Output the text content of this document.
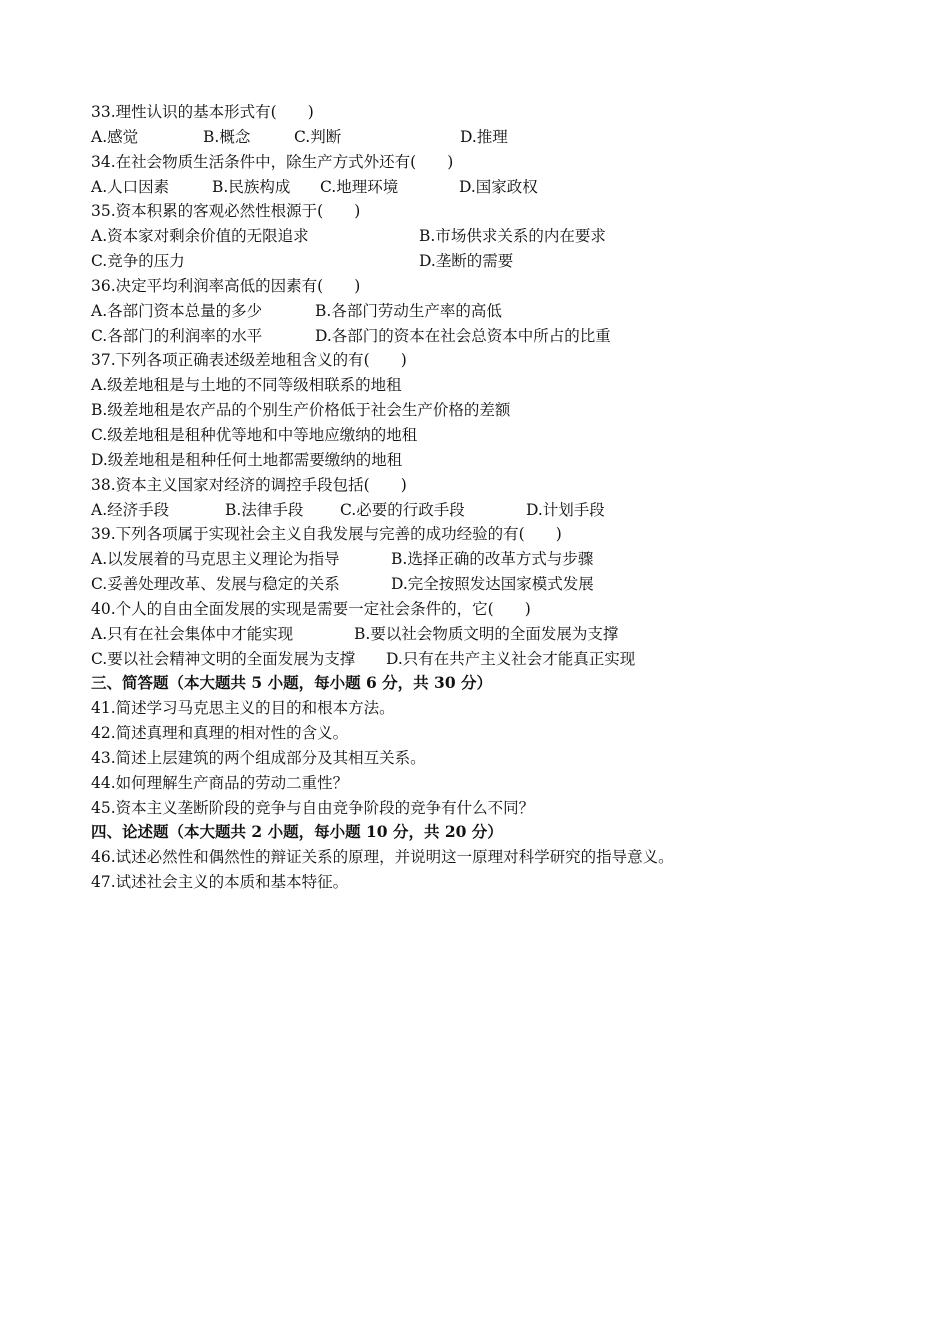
33.理性认识的基本形式有(　　)
A.感觉	B.概念	C.判断	D.推理
34.在社会物质生活条件中，除生产方式外还有(　　)
A.人口因素	B.民族构成 C.地理环境	D.国家政权
35.资本积累的客观必然性根源于(　　)
A.资本家对剩余价值的无限追求	B.市场供求关系的内在要求
C.竞争的压力	D.垄断的需要
36.决定平均利润率高低的因素有(　　)
A.各部门资本总量的多少	B.各部门劳动生产率的高低
C.各部门的利润率的水平	D.各部门的资本在社会总资本中所占的比重
37.下列各项正确表述级差地租含义的有(　　)
A.级差地租是与土地的不同等级相联系的地租
B.级差地租是农产品的个别生产价格低于社会生产价格的差额
C.级差地租是租种优等地和中等地应缴纳的地租
D.级差地租是租种任何土地都需要缴纳的地租
38.资本主义国家对经济的调控手段包括(　　)
A.经济手段	B.法律手段 C.必要的行政手段	D.计划手段
39.下列各项属于实现社会主义自我发展与完善的成功经验的有(　　)
A.以发展着的马克思主义理论为指导	B.选择正确的改革方式与步骤
C.妥善处理改革、发展与稳定的关系	D.完全按照发达国家模式发展
40.个人的自由全面发展的实现是需要一定社会条件的，它(　　)
A.只有在社会集体中才能实现	B.要以社会物质文明的全面发展为支撑
C.要以社会精神文明的全面发展为支撑 D.只有在共产主义社会才能真正实现
三、简答题（本大题共 5 小题，每小题 6 分，共 30 分）
41.简述学习马克思主义的目的和根本方法。
42.简述真理和真理的相对性的含义。
43.简述上层建筑的两个组成部分及其相互关系。
44.如何理解生产商品的劳动二重性？
45.资本主义垄断阶段的竞争与自由竞争阶段的竞争有什么不同？
四、论述题（本大题共 2 小题，每小题 10 分，共 20 分）
46.试述必然性和偶然性的辩证关系的原理，并说明这一原理对科学研究的指导意义。
47.试述社会主义的本质和基本特征。
